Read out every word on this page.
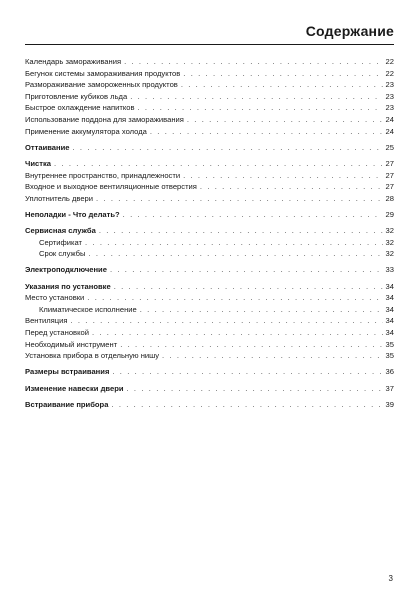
Содержание
Календарь замораживания . . .	22
Бегунок системы замораживания продуктов . . .	22
Размораживание замороженных продуктов . . .	23
Приготовление кубиков льда . . .	23
Быстрое охлаждение напитков . . .	23
Использование поддона для замораживания . . .	24
Применение аккумулятора холода . . .	24
Оттаивание . . .	25
Чистка . . .	27
Внутреннее пространство, принадлежности . . .	27
Входное и выходное вентиляционные отверстия . . .	27
Уплотнитель двери . . .	28
Неполадки - Что делать? . . .	29
Сервисная служба . . .	32
Сертификат . . .	32
Срок службы . . .	32
Электроподключение . . .	33
Указания по установке . . .	34
Место установки . . .	34
Климатическое исполнение . . .	34
Вентиляция . . .	34
Перед установкой . . .	34
Необходимый инструмент . . .	35
Установка прибора в отдельную нишу . . .	35
Размеры встраивания . . .	36
Изменение навески двери . . .	37
Встраивание прибора . . .	39
3
